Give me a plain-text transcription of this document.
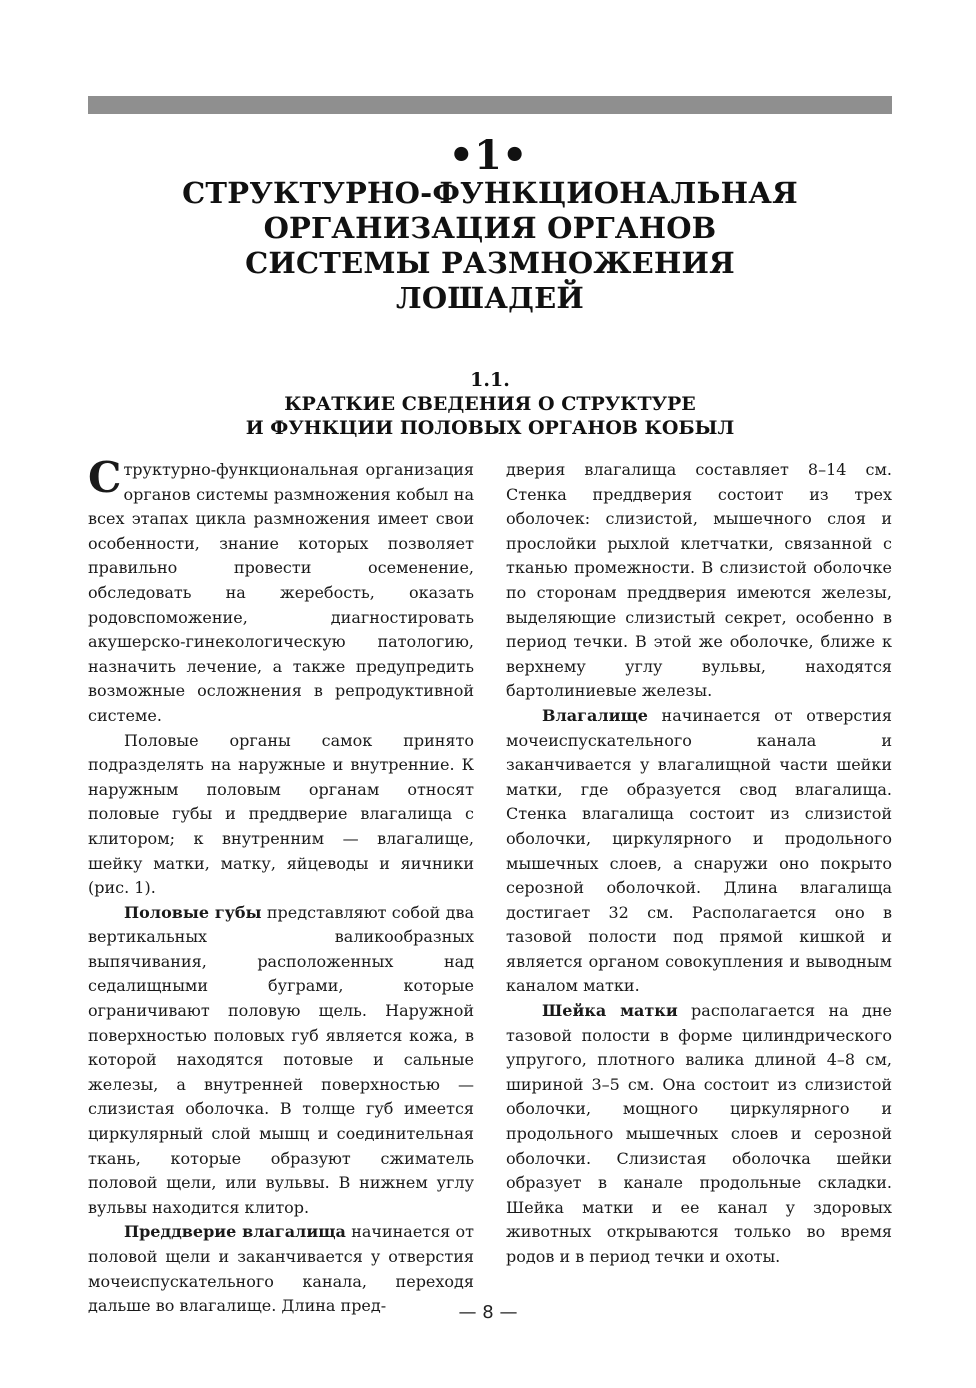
•1•
СТРУКТУРНО-ФУНКЦИОНАЛЬНАЯ
ОРГАНИЗАЦИЯ ОРГАНОВ
СИСТЕМЫ РАЗМНОЖЕНИЯ
ЛОШАДЕЙ
1.1.
КРАТКИЕ СВЕДЕНИЯ О СТРУКТУРЕ
И ФУНКЦИИ ПОЛОВЫХ ОРГАНОВ КОБЫЛ

Структурно-функциональная организация органов системы размножения кобыл на всех этапах цикла размножения имеет свои особенности, знание которых позволяет правильно провести осеменение, обследовать на жеребость, оказать родовспоможение, диагностировать акушерско-гинекологическую патологию, назначить лечение, а также предупредить возможные осложнения в репродуктивной системе.

Половые органы самок принято подразделять на наружные и внутренние. К наружным половым органам относят половые губы и преддверие влагалища с клитором; к внутренним — влагалище, шейку матки, матку, яйцеводы и яичники (рис. 1).

Половые губы представляют собой два вертикальных валикообразных выпячивания, расположенных над седалищными буграми, которые ограничивают половую щель. Наружной поверхностью половых губ является кожа, в которой находятся потовые и сальные железы, а внутренней поверхностью — слизистая оболочка. В толще губ имеется циркулярный слой мышц и соединительная ткань, которые образуют сжиматель половой щели, или вульвы. В нижнем углу вульвы находится клитор.

Преддверие влагалища начинается от половой щели и заканчивается у отверстия мочеиспускательного канала, переходя дальше во влагалище. Длина пред-

дверия влагалища составляет 8–14 см. Стенка преддверия состоит из трех оболочек: слизистой, мышечного слоя и прослойки рыхлой клетчатки, связанной с тканью промежности. В слизистой оболочке по сторонам преддверия имеются железы, выделяющие слизистый секрет, особенно в период течки. В этой же оболочке, ближе к верхнему углу вульвы, находятся бартолиниевые железы.

Влагалище начинается от отверстия мочеиспускательного канала и заканчивается у влагалищной части шейки матки, где образуется свод влагалища. Стенка влагалища состоит из слизистой оболочки, циркулярного и продольного мышечных слоев, а снаружи оно покрыто серозной оболочкой. Длина влагалища достигает 32 см. Располагается оно в тазовой полости под прямой кишкой и является органом совокупления и выводным каналом матки.

Шейка матки располагается на дне тазовой полости в форме цилиндрического упругого, плотного валика длиной 4–8 см, шириной 3–5 см. Она состоит из слизистой оболочки, мощного циркулярного и продольного мышечных слоев и серозной оболочки. Слизистая оболочка шейки образует в канале продольные складки. Шейка матки и ее канал у здоровых животных открываются только во время родов и в период течки и охоты.

— 8 —
